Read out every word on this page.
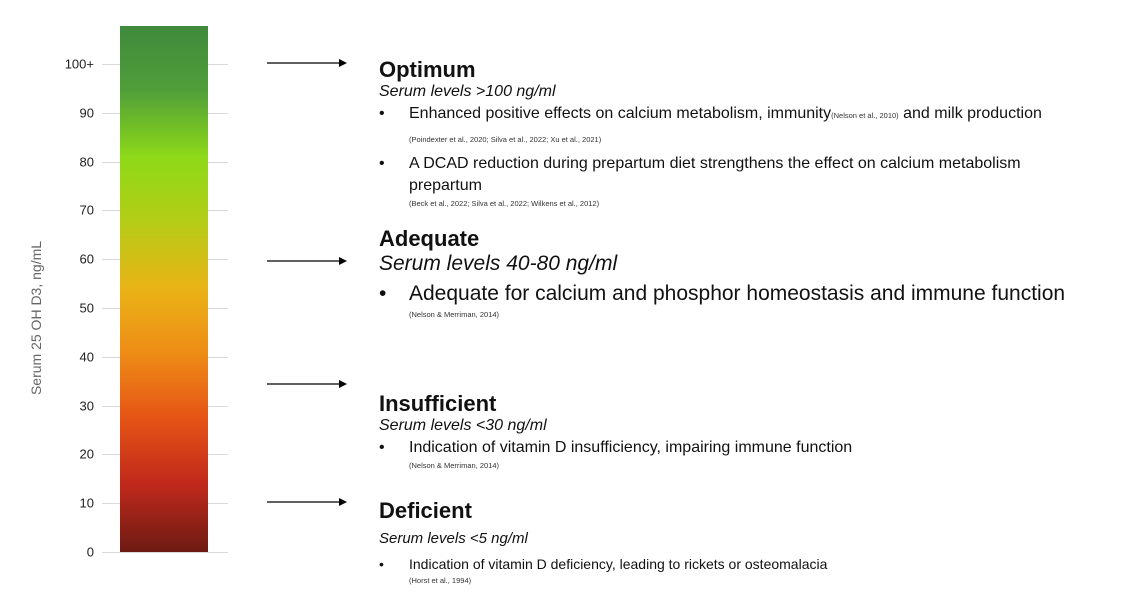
Serum 25 OH D3, ng/mL
0
10
20
30
40
50
60
70
80
90
100+	Optimum
Serum levels >100 ng/ml
• Enhanced positive effects on calcium metabolism, immunity(Nelson et al., 2010) and milk production (Poindexter et al., 2020; Silva et al., 2022; Xu et al., 2021)
• A DCAD reduction during prepartum diet strengthens the effect on calcium metabolism prepartum
(Beck et al., 2022; Silva et al., 2022; Wilkens et al., 2012)
Adequate
Serum levels 40-80 ng/ml
• Adequate for calcium and phosphor homeostasis and immune function
(Nelson & Merriman, 2014)
Insufficient
Serum levels <30 ng/ml
• Indication of vitamin D insufficiency, impairing immune function
(Nelson & Merriman, 2014)
Deficient
Serum levels <5 ng/ml
• Indication of vitamin D deficiency, leading to rickets or osteomalacia
(Horst et al., 1994)
